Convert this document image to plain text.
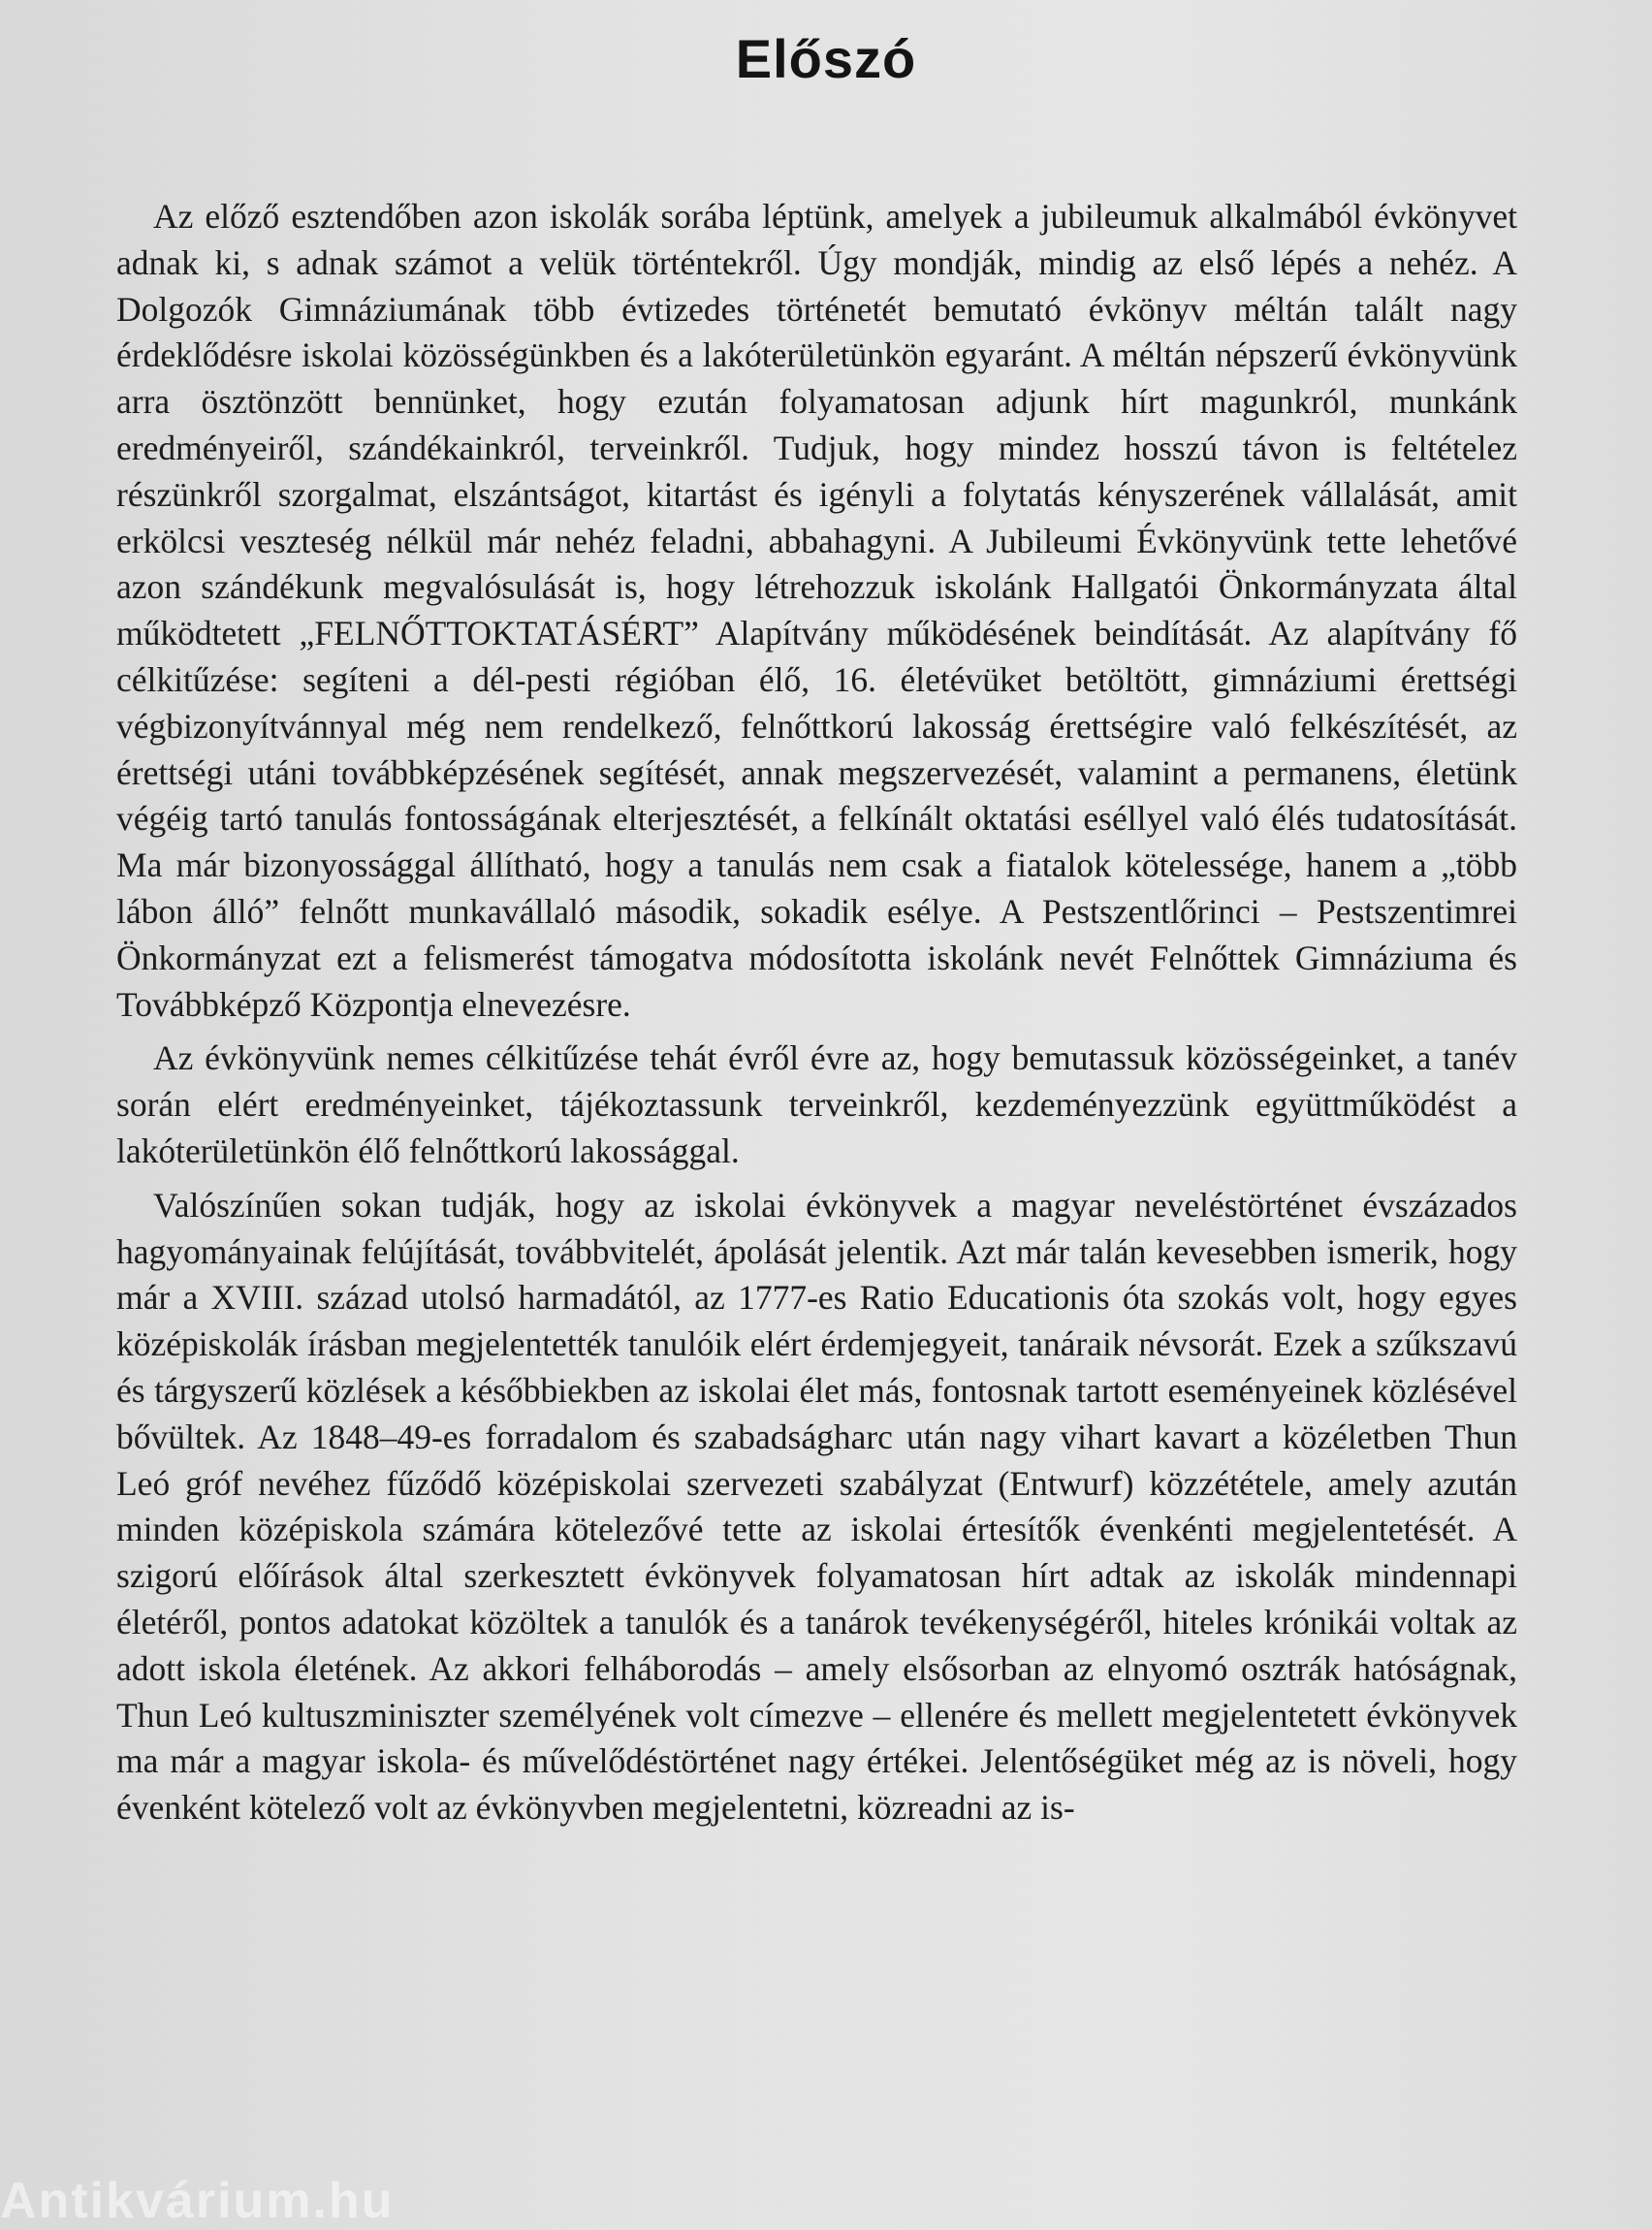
Előszó

Az előző esztendőben azon iskolák sorába léptünk, amelyek a jubileumuk alkalmából évkönyvet adnak ki, s adnak számot a velük történtekről. Úgy mondják, mindig az első lépés a nehéz. A Dolgozók Gimnáziumának több évtizedes történetét bemutató évkönyv méltán talált nagy érdeklődésre iskolai közösségünkben és a lakóterületünkön egyaránt. A méltán népszerű évkönyvünk arra ösztönzött bennünket, hogy ezután folyamatosan adjunk hírt magunkról, munkánk eredményeiről, szándékainkról, terveinkről. Tudjuk, hogy mindez hosszú távon is feltételez részünkről szorgalmat, elszántságot, kitartást és igényli a folytatás kényszerének vállalását, amit erkölcsi veszteség nélkül már nehéz feladni, abbahagyni. A Jubileumi Évkönyvünk tette lehetővé azon szándékunk megvalósulását is, hogy létrehozzuk iskolánk Hallgatói Önkormányzata által működtetett „FELNŐTTOKTATÁSÉRT” Alapítvány működésének beindítását. Az alapítvány fő célkitűzése: segíteni a dél-pesti régióban élő, 16. életévüket betöltött, gimnáziumi érettségi végbizonyítvánnyal még nem rendelkező, felnőttkorú lakosság érettségire való felkészítését, az érettségi utáni továbbképzésének segítését, annak megszervezését, valamint a permanens, életünk végéig tartó tanulás fontosságának elterjesztését, a felkínált oktatási eséllyel való élés tudatosítását. Ma már bizonyossággal állítható, hogy a tanulás nem csak a fiatalok kötelessége, hanem a „több lábon álló” felnőtt munkavállaló második, sokadik esélye. A Pestszentlőrinci – Pestszentimrei Önkormányzat ezt a felismerést támogatva módosította iskolánk nevét Felnőttek Gimnáziuma és Továbbképző Központja elnevezésre.

Az évkönyvünk nemes célkitűzése tehát évről évre az, hogy bemutassuk közösségeinket, a tanév során elért eredményeinket, tájékoztassunk terveinkről, kezdeményezzünk együttműködést a lakóterületünkön élő felnőttkorú lakossággal.

Valószínűen sokan tudják, hogy az iskolai évkönyvek a magyar neveléstörténet évszázados hagyományainak felújítását, továbbvitelét, ápolását jelentik. Azt már talán kevesebben ismerik, hogy már a XVIII. század utolsó harmadától, az 1777-es Ratio Educationis óta szokás volt, hogy egyes középiskolák írásban megjelentették tanulóik elért érdemjegyeit, tanáraik névsorát. Ezek a szűkszavú és tárgyszerű közlések a későbbiekben az iskolai élet más, fontosnak tartott eseményeinek közlésével bővültek. Az 1848–49-es forradalom és szabadságharc után nagy vihart kavart a közéletben Thun Leó gróf nevéhez fűződő középiskolai szervezeti szabályzat (Entwurf) közzététele, amely azután minden középiskola számára kötelezővé tette az iskolai értesítők évenkénti megjelentetését. A szigorú előírások által szerkesztett évkönyvek folyamatosan hírt adtak az iskolák mindennapi életéről, pontos adatokat közöltek a tanulók és a tanárok tevékenységéről, hiteles krónikái voltak az adott iskola életének. Az akkori felháborodás – amely elsősorban az elnyomó osztrák hatóságnak, Thun Leó kultuszminiszter személyének volt címezve – ellenére és mellett megjelentetett évkönyvek ma már a magyar iskola- és művelődéstörténet nagy értékei. Jelentőségüket még az is növeli, hogy évenként kötelező volt az évkönyvben megjelentetni, közreadni az is-

Antikvárium.hu
